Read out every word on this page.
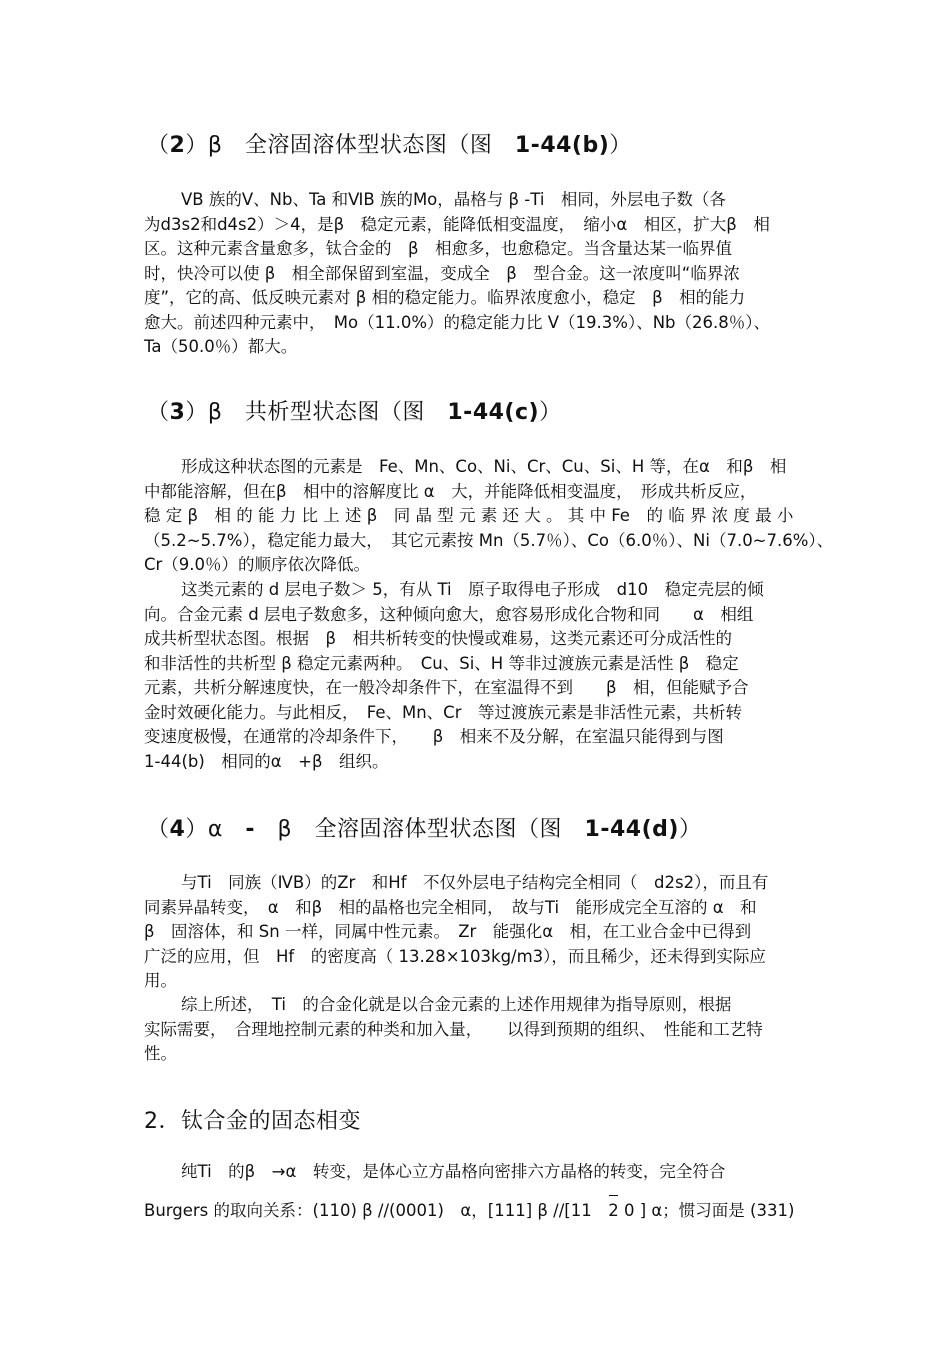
（2）β　全溶固溶体型状态图（图　1-44(b)）
ⅤB 族的V、Nb、Ta 和ⅥB 族的Mo，晶格与 β -Ti　相同，外层电子数（各
为d3s2和d4s2）＞4，是β　稳定元素，能降低相变温度，　缩小α　相区，扩大β　相
区。这种元素含量愈多，钛合金的　β　相愈多，也愈稳定。当含量达某一临界值
时，快冷可以使 β　相全部保留到室温，变成全　β　型合金。这一浓度叫“临界浓
度”，它的高、低反映元素对 β 相的稳定能力。临界浓度愈小，稳定　β　相的能力
愈大。前述四种元素中，　Mo（11.0%）的稳定能力比 V（19.3%）、Nb（26.8％）、
Ta（50.0％）都大。
（3）β　共析型状态图（图　1-44(c)）
形成这种状态图的元素是　Fe、Mn、Co、Ni、Cr、Cu、Si、H 等，在α　和β　相
中都能溶解，但在β　相中的溶解度比 α　大，并能降低相变温度，　形成共析反应，
稳 定 β　相 的 能 力 比 上 述 β　同 晶 型 元 素 还 大 。 其 中 Fe　的 临 界 浓 度 最 小
（5.2~5.7%），稳定能力最大，　其它元素按 Mn（5.7％）、Co（6.0％）、Ni（7.0~7.6%）、
Cr（9.0％）的顺序依次降低。
这类元素的 d 层电子数＞ 5，有从 Ti　原子取得电子形成　d10　稳定壳层的倾
向。合金元素 d 层电子数愈多，这种倾向愈大，愈容易形成化合物和同　　α　相组
成共析型状态图。根据　β　相共析转变的快慢或难易，这类元素还可分成活性的
和非活性的共析型 β 稳定元素两种。　Cu、Si、H 等非过渡族元素是活性 β　稳定
元素，共析分解速度快，在一般冷却条件下，在室温得不到　　β　相，但能赋予合
金时效硬化能力。与此相反，　Fe、Mn、Cr　等过渡族元素是非活性元素，共析转
变速度极慢，在通常的冷却条件下，　　β　相来不及分解，在室温只能得到与图
1-44(b)　相同的α　+β　组织。
（4）α　-　β　全溶固溶体型状态图（图　1-44(d)）
与Ti　同族（ⅣB）的Zr　和Hf　不仅外层电子结构完全相同（　d2s2），而且有
同素异晶转变，　α　和β　相的晶格也完全相同，　故与Ti　能形成完全互溶的 α　和
β　固溶体，和 Sn 一样，同属中性元素。　Zr　能强化α　相，在工业合金中已得到
广泛的应用，但　Hf　的密度高（ 13.28×103kg/m3），而且稀少，还未得到实际应
用。
综上所述，　Ti　的合金化就是以合金元素的上述作用规律为指导原则，根据
实际需要，　合理地控制元素的种类和加入量，　　以得到预期的组织、　性能和工艺特
性。
2．钛合金的固态相变
纯Ti　的β　→α　转变，是体心立方晶格向密排六方晶格的转变，完全符合
Burgers 的取向关系：(110) β //(0001)　α，[111] β //[11　2 0 ] α；惯习面是 (331)
